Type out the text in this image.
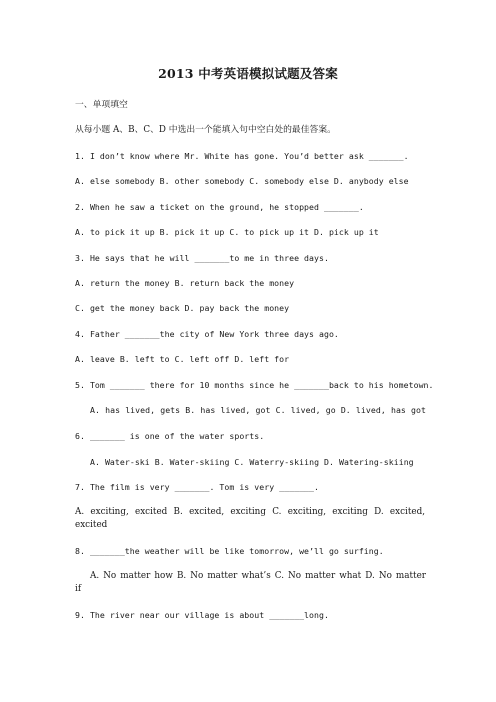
2013 中考英语模拟试题及答案
一、单项填空
从每小题 A、B、C、D 中选出一个能填入句中空白处的最佳答案。
1. I don’t know where Mr. White has gone. You’d better ask _______.
A. else somebody B. other somebody C. somebody else D. anybody else
2. When he saw a ticket on the ground, he stopped _______.
A. to pick it up B. pick it up C. to pick up it D. pick up it
3. He says that he will _______to me in three days.
A. return the money B. return back the money
C. get the money back D. pay back the money
4. Father _______the city of New York three days ago.
A. leave B. left to C. left off D. left for
5. Tom _______ there for 10 months since he _______back to his hometown.
A. has lived, gets B. has lived, got C. lived, go D. lived, has got
6. _______ is one of the water sports.
A. Water-ski B. Water-skiing C. Waterry-skiing D. Watering-skiing
7. The film is very _______. Tom is very _______.
A. exciting, excited B. excited, exciting C. exciting, exciting D. excited,
excited
8. _______the weather will be like tomorrow, we’ll go surfing.
A. No matter how B. No matter what’s C. No matter what D. No matter
if
9. The river near our village is about _______long.
